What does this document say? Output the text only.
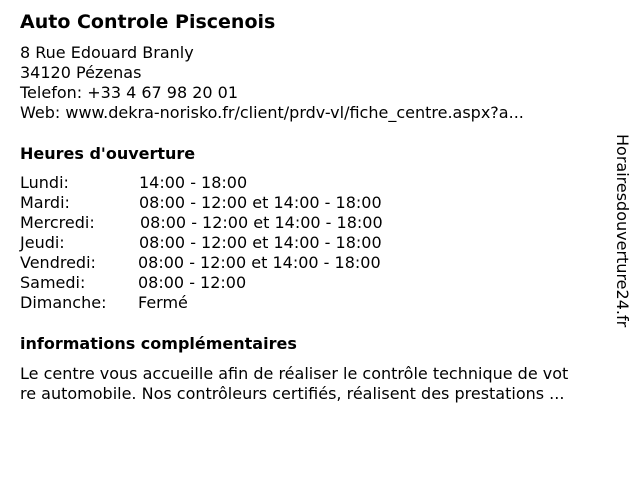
Auto Controle Piscenois
8 Rue Edouard Branly
34120 Pézenas
Telefon: +33 4 67 98 20 01
Web: www.dekra-norisko.fr/client/prdv-vl/fiche_centre.aspx?a...
Heures d'ouverture
Lundi:	14:00 - 18:00
Mardi:	08:00 - 12:00 et 14:00 - 18:00
Mercredi:	08:00 - 12:00 et 14:00 - 18:00
Jeudi:	08:00 - 12:00 et 14:00 - 18:00
Vendredi:	08:00 - 12:00 et 14:00 - 18:00
Samedi:	08:00 - 12:00
Dimanche: Fermé
informations complémentaires
Le centre vous accueille afin de réaliser le contrôle technique de vot
re automobile. Nos contrôleurs certifiés, réalisent des prestations ...
Horairesdouverture24.fr
